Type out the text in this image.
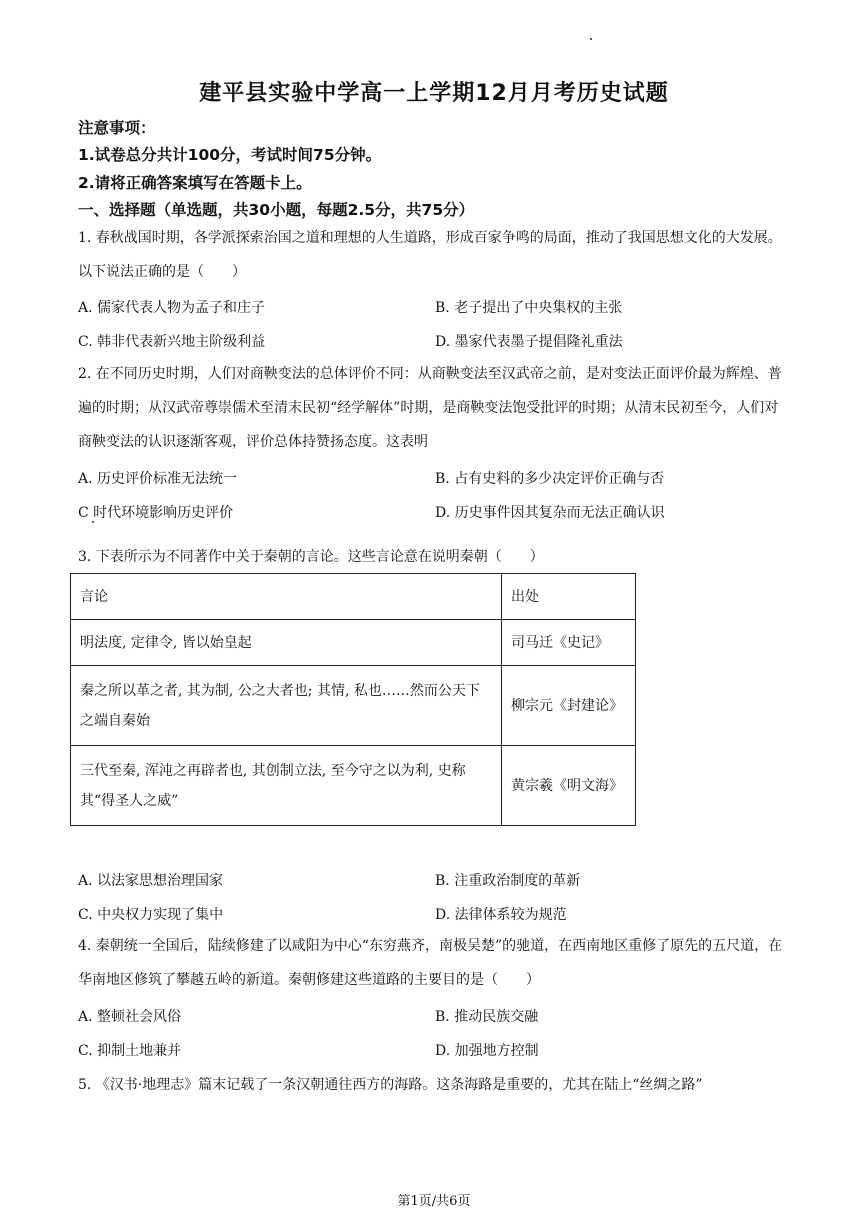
建平县实验中学高一上学期12月月考历史试题
注意事项：
1.试卷总分共计100分，考试时间75分钟。
2.请将正确答案填写在答题卡上。
一、选择题（单选题，共30小题，每题2.5分，共75分）
1. 春秋战国时期，各学派探索治国之道和理想的人生道路，形成百家争鸣的局面，推动了我国思想文化的大发展。以下说法正确的是（　　）
A. 儒家代表人物为孟子和庄子	B. 老子提出了中央集权的主张
C. 韩非代表新兴地主阶级利益	D. 墨家代表墨子提倡隆礼重法
2. 在不同历史时期，人们对商鞅变法的总体评价不同：从商鞅变法至汉武帝之前，是对变法正面评价最为辉煌、普遍的时期；从汉武帝尊崇儒术至清末民初“经学解体”时期，是商鞅变法饱受批评的时期；从清末民初至今，人们对商鞅变法的认识逐渐客观，评价总体持赞扬态度。这表明
A. 历史评价标准无法统一	B. 占有史料的多少决定评价正确与否
C 时代环境影响历史评价	D. 历史事件因其复杂而无法正确认识
3. 下表所示为不同著作中关于秦朝的言论。这些言论意在说明秦朝（　　）
言论	出处
明法度, 定律令, 皆以始皇起	司马迁《史记》
秦之所以革之者, 其为制, 公之大者也; 其情, 私也……然而公天下之端自秦始	柳宗元《封建论》
三代至秦, 浑沌之再辟者也, 其创制立法, 至今守之以为利, 史称其“得圣人之威”	黄宗羲《明文海》
A. 以法家思想治理国家	B. 注重政治制度的革新
C. 中央权力实现了集中	D. 法律体系较为规范
4. 秦朝统一全国后，陆续修建了以咸阳为中心“东穷燕齐，南极吴楚”的驰道，在西南地区重修了原先的五尺道，在华南地区修筑了攀越五岭的新道。秦朝修建这些道路的主要目的是（　　）
A. 整顿社会风俗	B. 推动民族交融
C. 抑制土地兼并	D. 加强地方控制
5. 《汉书·地理志》篇末记载了一条汉朝通往西方的海路。这条海路是重要的，尤其在陆上“丝绸之路”
第1页/共6页
